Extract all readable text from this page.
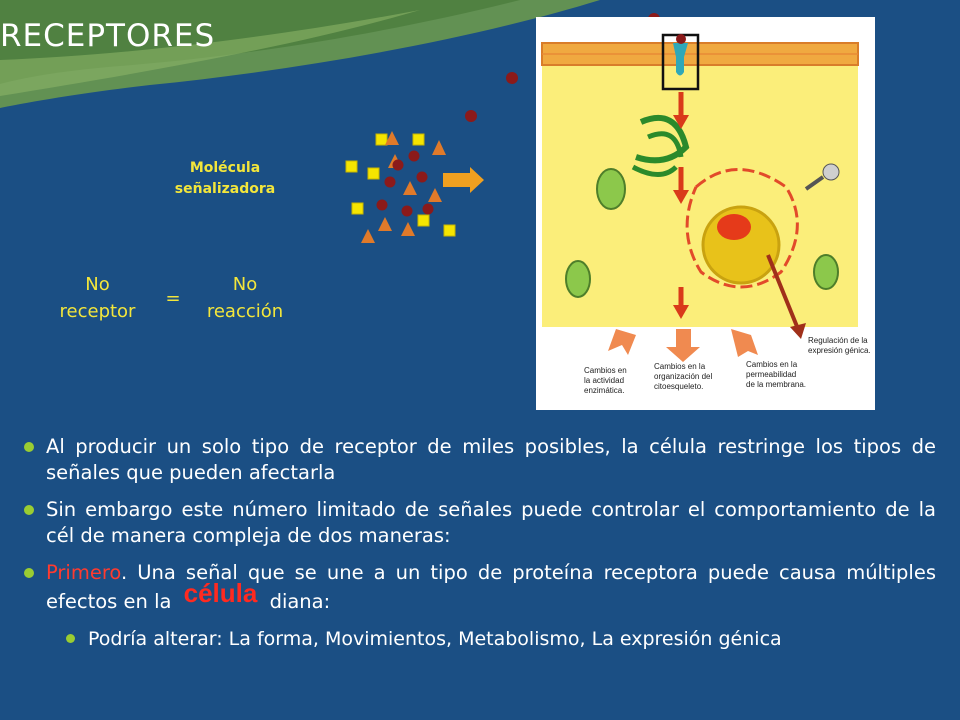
RECEPTORES
Molécula
señalizadora
No
receptor
=
No
reacción
Cambios en la actividad enzimática.
Cambios en la organización del citoesqueleto.
Cambios en la permeabilidad de la membrana.
Regulación de la expresión génica.
Al producir un solo tipo de receptor de miles posibles, la célula restringe los tipos de señales que pueden afectarla
Sin embargo este número limitado de señales puede controlar el comportamiento de la cél de manera compleja de dos maneras:
Primero. Una señal que se une a un tipo de proteína receptora puede causa múltiples efectos en la célula diana:
Podría alterar: La forma, Movimientos, Metabolismo, La expresión génica
